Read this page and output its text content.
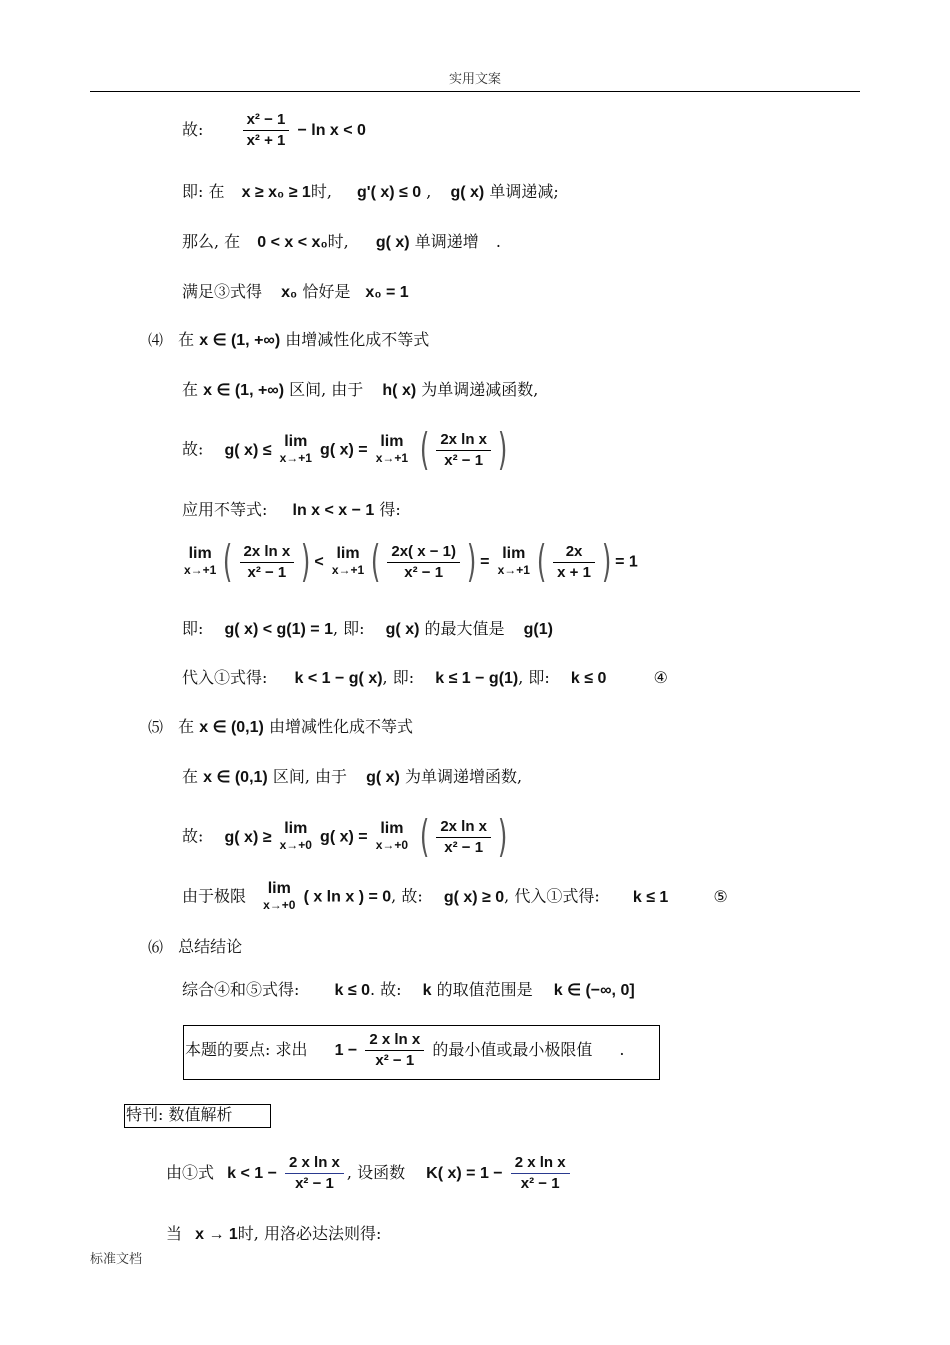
实用文案
故:	$\frac{\text{x² − 1}}{\text{x² + 1}} - \ln x < 0$
即: 在 x ≥ x₀ ≥ 1时, g'( x) ≤ 0 , g( x) 单调递减;
那么, 在 0 < x < x₀时, g( x) 单调递增 .
满足③式得 x₀ 恰好是 x₀ = 1
⑷ 在 x ∈ (1, +∞) 由增减性化成不等式
在 x ∈ (1, +∞) 区间, 由于 h( x) 为单调递减函数,
故: g( x) ≤ lim
x→+1 g( x) = lim
x→+1 ( $\frac{\text{2x ln x}}{\text{x² − 1}}$ )
应用不等式: ln x < x − 1 得:
lim
x→+1 ( $\frac{\text{2x ln x}}{\text{x² − 1}}$ ) < lim
x→+1 ( $\frac{2x( x - 1)}{\text{x² − 1}}$ ) = lim
x→+1 ( $\frac{2x}{x + 1}$ ) = 1
即: g( x) < g(1) = 1, 即: g( x) 的最大值是 g(1)
代入①式得: k < 1 − g( x), 即: k ≤ 1 − g(1), 即: k ≤ 0	④
⑸ 在 x ∈ (0,1) 由增减性化成不等式
在 x ∈ (0,1) 区间, 由于 g( x) 为单调递增函数,
故: g( x) ≥ lim
x→+0 g( x) = lim
x→+0 ( $\frac{\text{2x ln x}}{\text{x² − 1}}$ )
由于极限 lim
x→+0 ( x ln x ) = 0, 故: g( x) ≥ 0, 代入①式得: k ≤ 1	⑤
⑹ 总结结论
综合④和⑤式得: k ≤ 0. 故: k 的取值范围是 k ∈ (−∞, 0]
本题的要点: 求出 $1 - \frac{\text{2 x ln x}}{\text{x² − 1}}$ 的最小值或最小极限值 .
特刊: 数值解析
由①式 $k < 1 - \frac{\text{2 x ln x}}{\text{x² − 1}}$ , 设函数 K( $x) = 1 - \frac{\text{2 x ln x}}{\text{x² − 1}}$
当 x → 1时, 用洛必达法则得:
标准文档
